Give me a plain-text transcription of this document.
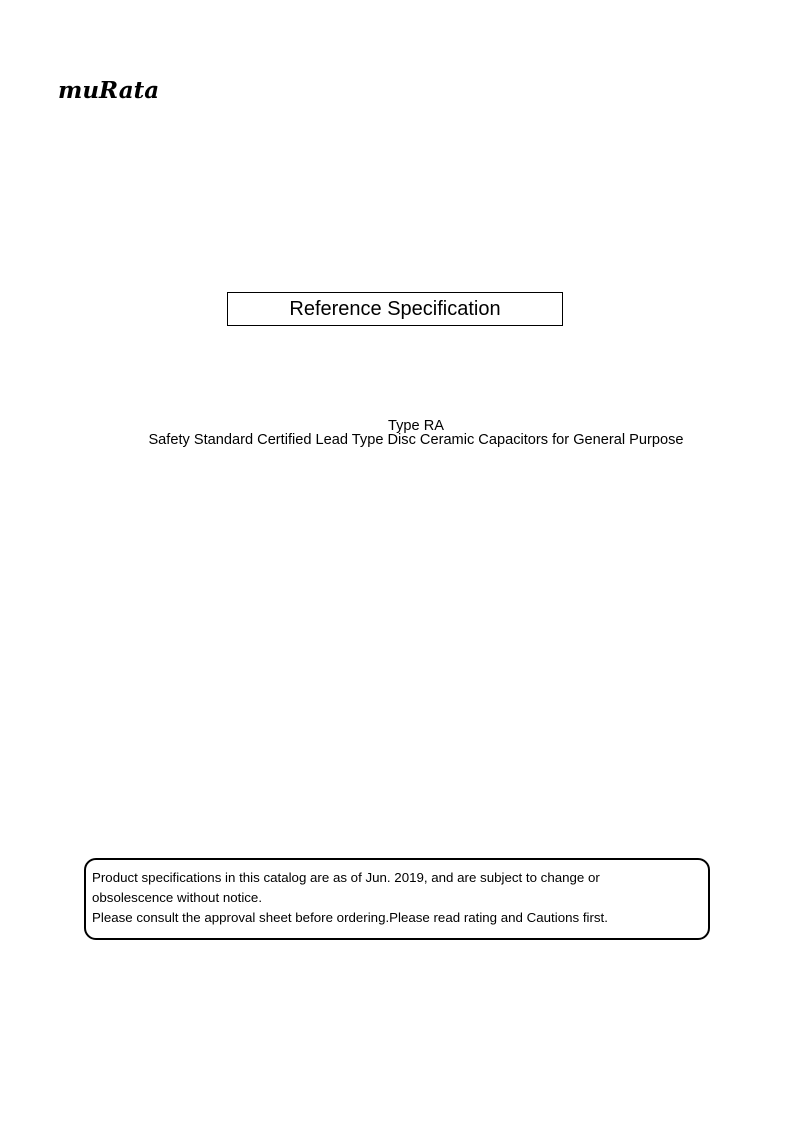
muRata
Reference Specification
Type RA
Safety Standard Certified Lead Type Disc Ceramic Capacitors for General Purpose
Product specifications in this catalog are as of Jun. 2019, and are subject to change or
obsolescence without notice.
Please consult the approval sheet before ordering.Please read rating and Cautions first.
